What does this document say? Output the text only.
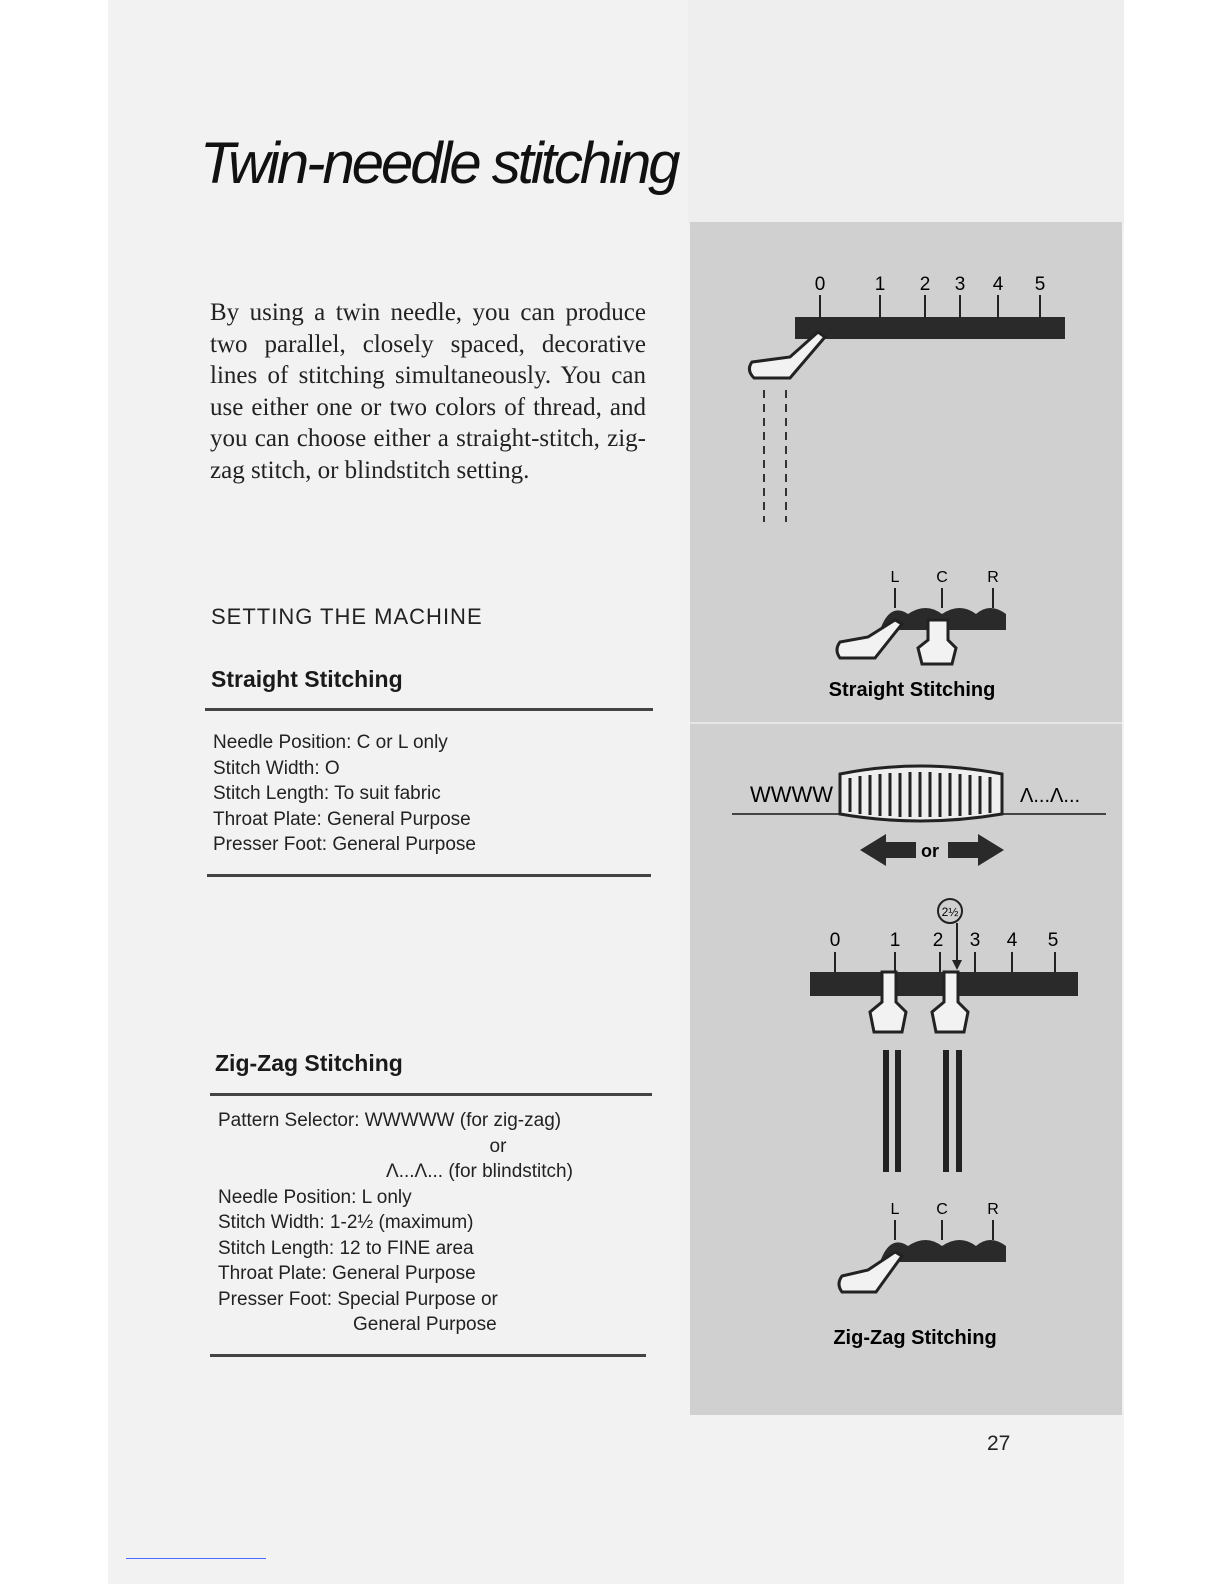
Twin-needle stitching

By using a twin needle, you can produce two parallel, closely spaced, decorative lines of stitching simultaneously. You can use either one or two colors of thread, and you can choose either a straight-stitch, zig-zag stitch, or blindstitch setting.

SETTING THE MACHINE
Straight Stitching
Needle Position: C or L only
Stitch Width: O
Stitch Length: To suit fabric
Throat Plate: General Purpose
Presser Foot: General Purpose
Zig-Zag Stitching
Pattern Selector: WWWWW (for zig-zag)
or
Λ...Λ... (for blindstitch)
Needle Position: L only
Stitch Width: 1-2½ (maximum)
Stitch Length: 12 to FINE area
Throat Plate: General Purpose
Presser Foot: Special Purpose or
General Purpose
0	1 2 3 4 5
L C R
Straight Stitching
WWWW	Λ...Λ...
or
2½
0	1 2 3 4 5
L C R
Zig-Zag Stitching
27
